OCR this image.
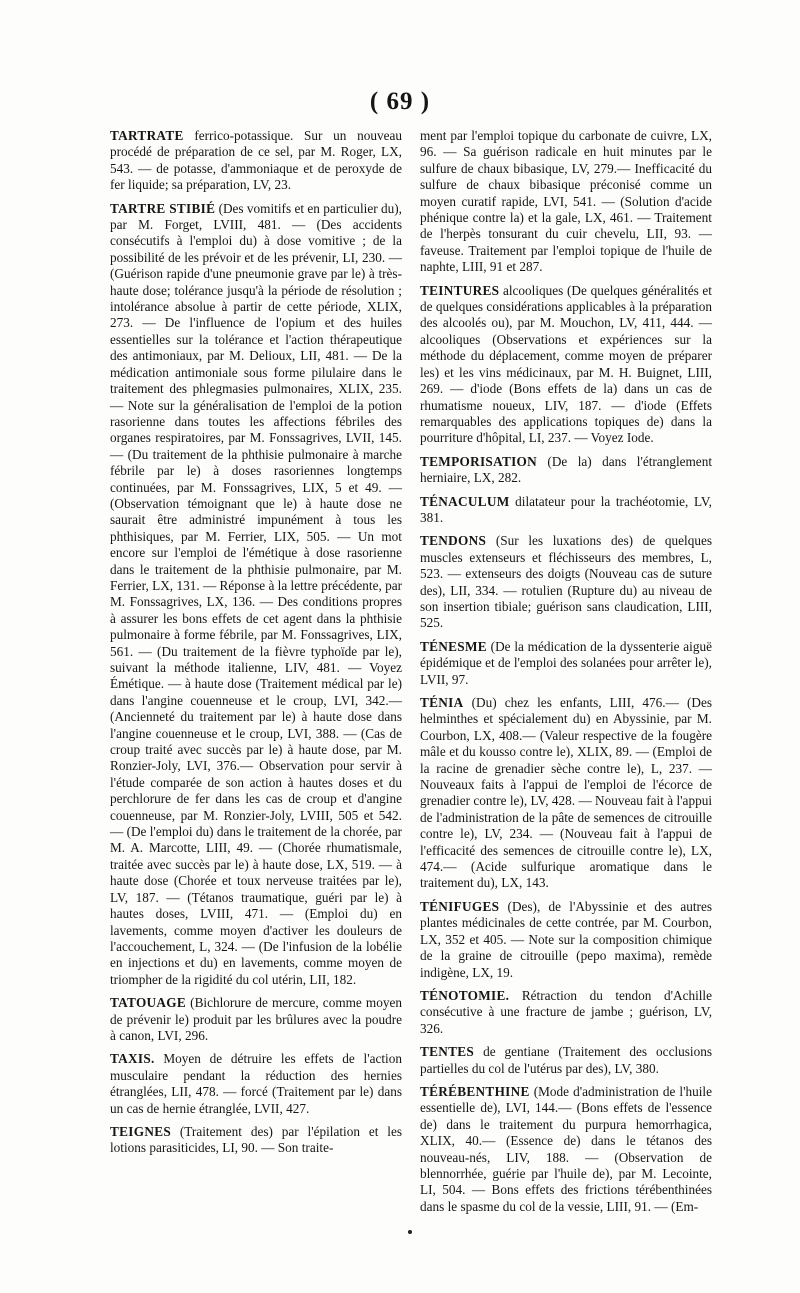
( 69 )

TARTRATE ferrico-potassique. Sur un nouveau procédé de préparation de ce sel, par M. Roger, LX, 543. — de potasse, d'ammoniaque et de peroxyde de fer liquide; sa préparation, LV, 23.

TARTRE STIBIÉ (Des vomitifs et en particulier du), par M. Forget, LVIII, 481. — (Des accidents consécutifs à l'emploi du) à dose vomitive ; de la possibilité de les prévoir et de les prévenir, LI, 230. — (Guérison rapide d'une pneumonie grave par le) à très-haute dose; tolérance jusqu'à la période de résolution ; intolérance absolue à partir de cette période, XLIX, 273. — De l'influence de l'opium et des huiles essentielles sur la tolérance et l'action thérapeutique des antimoniaux, par M. Delioux, LII, 481. — De la médication antimoniale sous forme pilulaire dans le traitement des phlegmasies pulmonaires, XLIX, 235. — Note sur la généralisation de l'emploi de la potion rasorienne dans toutes les affections fébriles des organes respiratoires, par M. Fonssagrives, LVII, 145. — (Du traitement de la phthisie pulmonaire à marche fébrile par le) à doses rasoriennes longtemps continuées, par M. Fonssagrives, LIX, 5 et 49. — (Observation témoignant que le) à haute dose ne saurait être administré impunément à tous les phthisiques, par M. Ferrier, LIX, 505. — Un mot encore sur l'emploi de l'émétique à dose rasorienne dans le traitement de la phthisie pulmonaire, par M. Ferrier, LX, 131. — Réponse à la lettre précédente, par M. Fonssagrives, LX, 136. — Des conditions propres à assurer les bons effets de cet agent dans la phthisie pulmonaire à forme fébrile, par M. Fonssagrives, LIX, 561. — (Du traitement de la fièvre typhoïde par le), suivant la méthode italienne, LIV, 481. — Voyez Émétique. — à haute dose (Traitement médical par le) dans l'angine couenneuse et le croup, LVI, 342.— (Ancienneté du traitement par le) à haute dose dans l'angine couenneuse et le croup, LVI, 388. — (Cas de croup traité avec succès par le) à haute dose, par M. Ronzier-Joly, LVI, 376.— Observation pour servir à l'étude comparée de son action à hautes doses et du perchlorure de fer dans les cas de croup et d'angine couenneuse, par M. Ronzier-Joly, LVIII, 505 et 542. — (De l'emploi du) dans le traitement de la chorée, par M. A. Marcotte, LIII, 49. — (Chorée rhumatismale, traitée avec succès par le) à haute dose, LX, 519. — à haute dose (Chorée et toux nerveuse traitées par le), LV, 187. — (Tétanos traumatique, guéri par le) à hautes doses, LVIII, 471. — (Emploi du) en lavements, comme moyen d'activer les douleurs de l'accouchement, L, 324. — (De l'infusion de la lobélie en injections et du) en lavements, comme moyen de triompher de la rigidité du col utérin, LII, 182.

TATOUAGE (Bichlorure de mercure, comme moyen de prévenir le) produit par les brûlures avec la poudre à canon, LVI, 296.

TAXIS. Moyen de détruire les effets de l'action musculaire pendant la réduction des hernies étranglées, LII, 478. — forcé (Traitement par le) dans un cas de hernie étranglée, LVII, 427.

TEIGNES (Traitement des) par l'épilation et les lotions parasiticides, LI, 90. — Son traite-

ment par l'emploi topique du carbonate de cuivre, LX, 96. — Sa guérison radicale en huit minutes par le sulfure de chaux bibasique, LV, 279.— Inefficacité du sulfure de chaux bibasique préconisé comme un moyen curatif rapide, LVI, 541. — (Solution d'acide phénique contre la) et la gale, LX, 461. — Traitement de l'herpès tonsurant du cuir chevelu, LII, 93. — faveuse. Traitement par l'emploi topique de l'huile de naphte, LIII, 91 et 287.

TEINTURES alcooliques (De quelques généralités et de quelques considérations applicables à la préparation des alcoolés ou), par M. Mouchon, LV, 411, 444. — alcooliques (Observations et expériences sur la méthode du déplacement, comme moyen de préparer les) et les vins médicinaux, par M. H. Buignet, LIII, 269. — d'iode (Bons effets de la) dans un cas de rhumatisme noueux, LIV, 187. — d'iode (Effets remarquables des applications topiques de) dans la pourriture d'hôpital, LI, 237. — Voyez Iode.

TEMPORISATION (De la) dans l'étranglement herniaire, LX, 282.

TÉNACULUM dilatateur pour la trachéotomie, LV, 381.

TENDONS (Sur les luxations des) de quelques muscles extenseurs et fléchisseurs des membres, L, 523. — extenseurs des doigts (Nouveau cas de suture des), LII, 334. — rotulien (Rupture du) au niveau de son insertion tibiale; guérison sans claudication, LIII, 525.

TÉNESME (De la médication de la dyssenterie aiguë épidémique et de l'emploi des solanées pour arrêter le), LVII, 97.

TÉNIA (Du) chez les enfants, LIII, 476.— (Des helminthes et spécialement du) en Abyssinie, par M. Courbon, LX, 408.— (Valeur respective de la fougère mâle et du kousso contre le), XLIX, 89. — (Emploi de la racine de grenadier sèche contre le), L, 237. — Nouveaux faits à l'appui de l'emploi de l'écorce de grenadier contre le), LV, 428. — Nouveau fait à l'appui de l'administration de la pâte de semences de citrouille contre le), LV, 234. — (Nouveau fait à l'appui de l'efficacité des semences de citrouille contre le), LX, 474.— (Acide sulfurique aromatique dans le traitement du), LX, 143.

TÉNIFUGES (Des), de l'Abyssinie et des autres plantes médicinales de cette contrée, par M. Courbon, LX, 352 et 405. — Note sur la composition chimique de la graine de citrouille (pepo maxima), remède indigène, LX, 19.

TÉNOTOMIE. Rétraction du tendon d'Achille consécutive à une fracture de jambe ; guérison, LV, 326.

TENTES de gentiane (Traitement des occlusions partielles du col de l'utérus par des), LV, 380.

TÉRÉBENTHINE (Mode d'administration de l'huile essentielle de), LVI, 144.— (Bons effets de l'essence de) dans le traitement du purpura hemorrhagica, XLIX, 40.— (Essence de) dans le tétanos des nouveau-nés, LIV, 188. — (Observation de blennorrhée, guérie par l'huile de), par M. Lecointe, LI, 504. — Bons effets des frictions térébenthinées dans le spasme du col de la vessie, LIII, 91. — (Em-
